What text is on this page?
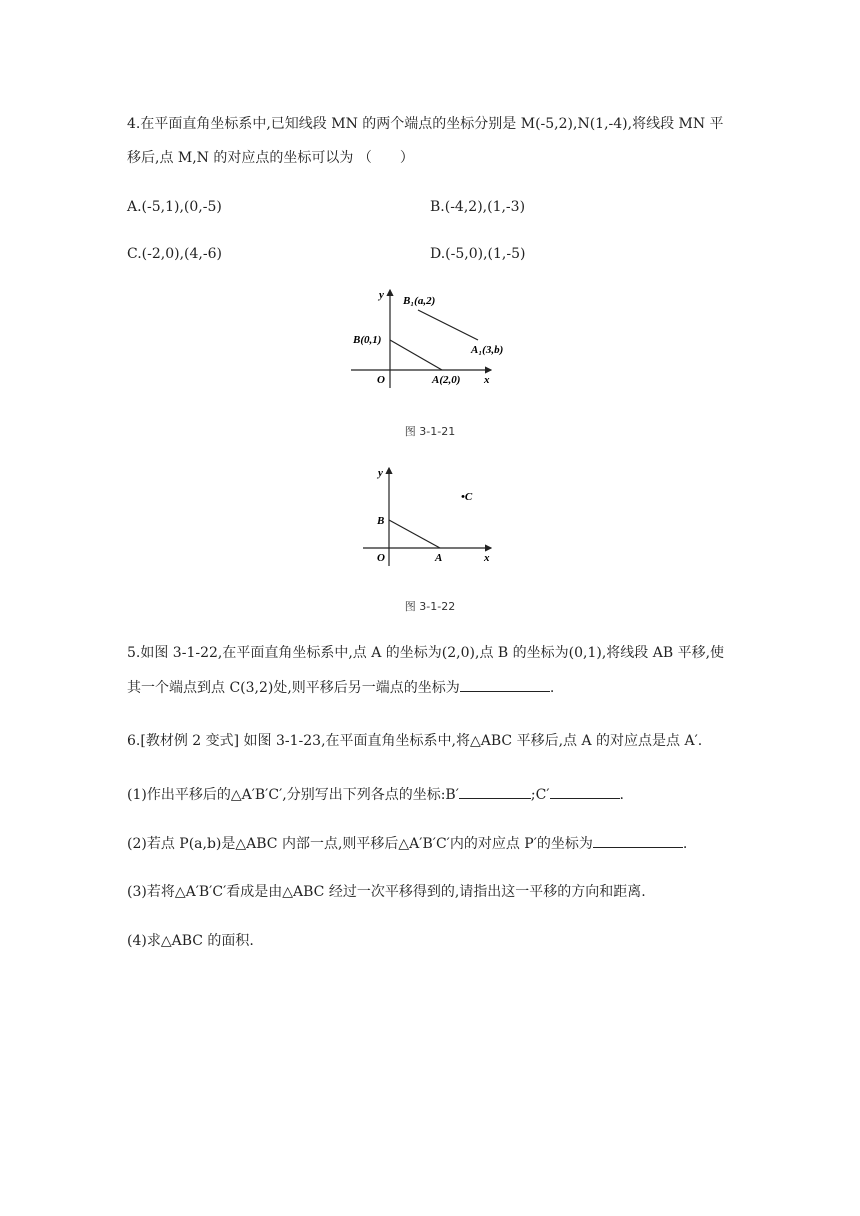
4.在平面直角坐标系中,已知线段 MN 的两个端点的坐标分别是 M(-5,2),N(1,-4),将线段 MN 平
移后,点 M,N 的对应点的坐标可以为 （　　）
A.(-5,1),(0,-5)	B.(-4,2),(1,-3)
C.(-2,0),(4,-6)	D.(-5,0),(1,-5)
y
x
O
B(0,1)
A(2,0)
B₁(a,2)
A₁(3,b)
图 3-1-21
y
x
O
B
A
•C
图 3-1-22
5.如图 3-1-22,在平面直角坐标系中,点 A 的坐标为(2,0),点 B 的坐标为(0,1),将线段 AB 平移,使
其一个端点到点 C(3,2)处,则平移后另一端点的坐标为	.
6.[教材例 2 变式] 如图 3-1-23,在平面直角坐标系中,将△ABC 平移后,点 A 的对应点是点 A′.
(1)作出平移后的△A′B′C′,分别写出下列各点的坐标:B′	;C′	.
(2)若点 P(a,b)是△ABC 内部一点,则平移后△A′B′C′内的对应点 P′的坐标为	.
(3)若将△A′B′C′看成是由△ABC 经过一次平移得到的,请指出这一平移的方向和距离.
(4)求△ABC 的面积.
